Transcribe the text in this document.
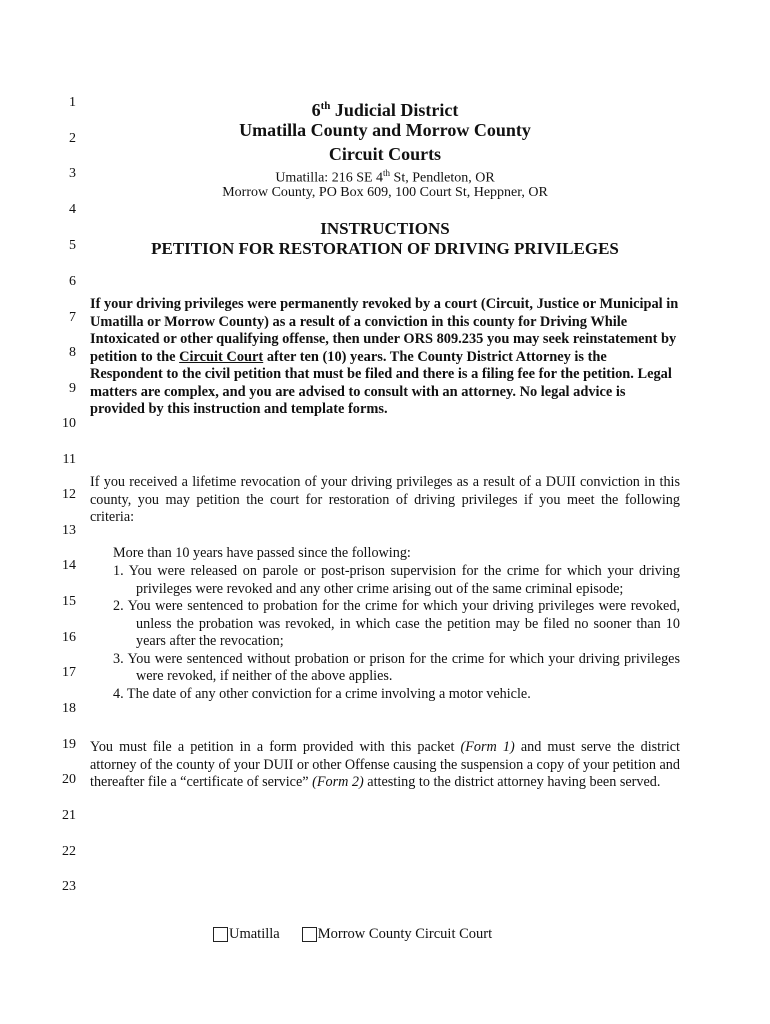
1
2
3
4
5
6
7
8
9
10
11
12
13
14
15
16
17
18
19
20
21
22
23
6th Judicial District
Umatilla County and Morrow County
Circuit Courts
Umatilla: 216 SE 4th St, Pendleton, OR
Morrow County, PO Box 609, 100 Court St, Heppner, OR
INSTRUCTIONS
PETITION FOR RESTORATION OF DRIVING PRIVILEGES
If your driving privileges were permanently revoked by a court (Circuit, Justice or Municipal in Umatilla or Morrow County) as a result of a conviction in this county for Driving While Intoxicated or other qualifying offense, then under ORS 809.235 you may seek reinstatement by petition to the Circuit Court after ten (10) years. The County District Attorney is the Respondent to the civil petition that must be filed and there is a filing fee for the petition. Legal matters are complex, and you are advised to consult with an attorney. No legal advice is provided by this instruction and template forms.
If you received a lifetime revocation of your driving privileges as a result of a DUII conviction in this county, you may petition the court for restoration of driving privileges if you meet the following criteria:
More than 10 years have passed since the following:
1. You were released on parole or post-prison supervision for the crime for which your driving privileges were revoked and any other crime arising out of the same criminal episode;
2. You were sentenced to probation for the crime for which your driving privileges were revoked, unless the probation was revoked, in which case the petition may be filed no sooner than 10 years after the revocation;
3. You were sentenced without probation or prison for the crime for which your driving privileges were revoked, if neither of the above applies.
4. The date of any other conviction for a crime involving a motor vehicle.
You must file a petition in a form provided with this packet (Form 1) and must serve the district attorney of the county of your DUII or other Offense causing the suspension a copy of your petition and thereafter file a “certificate of service” (Form 2) attesting to the district attorney having been served.
Umatilla	Morrow County Circuit Court
